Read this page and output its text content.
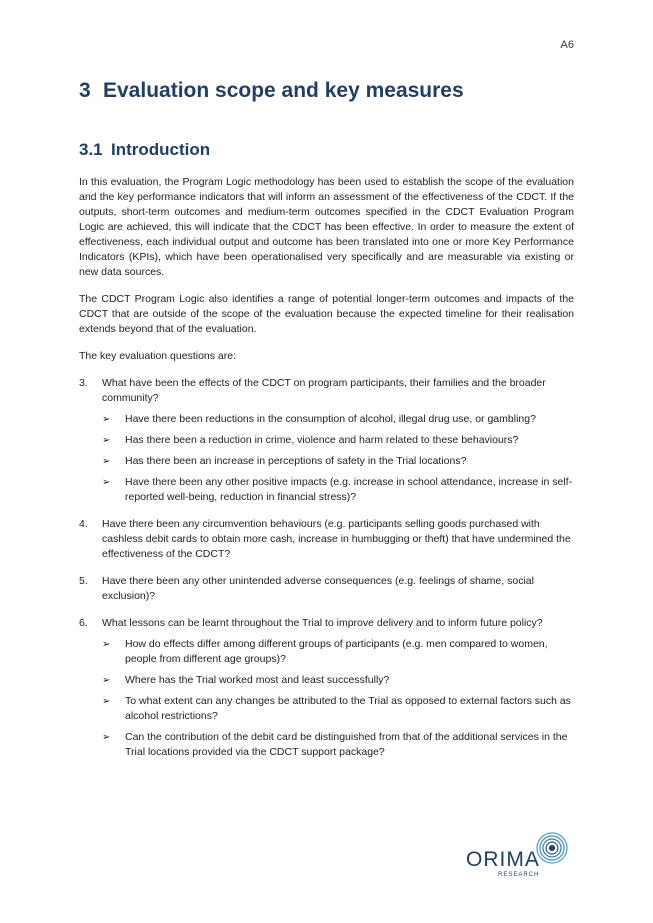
A6
3 Evaluation scope and key measures
3.1 Introduction

In this evaluation, the Program Logic methodology has been used to establish the scope of the evaluation and the key performance indicators that will inform an assessment of the effectiveness of the CDCT. If the outputs, short-term outcomes and medium-term outcomes specified in the CDCT Evaluation Program Logic are achieved, this will indicate that the CDCT has been effective. In order to measure the extent of effectiveness, each individual output and outcome has been translated into one or more Key Performance Indicators (KPIs), which have been operationalised very specifically and are measurable via existing or new data sources.

The CDCT Program Logic also identifies a range of potential longer-term outcomes and impacts of the CDCT that are outside of the scope of the evaluation because the expected timeline for their realisation extends beyond that of the evaluation.

The key evaluation questions are:

3.	What have been the effects of the CDCT on program participants, their families and the broader community?
➢	Have there been reductions in the consumption of alcohol, illegal drug use, or gambling?
➢	Has there been a reduction in crime, violence and harm related to these behaviours?
➢	Has there been an increase in perceptions of safety in the Trial locations?
➢	Have there been any other positive impacts (e.g. increase in school attendance, increase in self-reported well-being, reduction in financial stress)?
4.	Have there been any circumvention behaviours (e.g. participants selling goods purchased with cashless debit cards to obtain more cash, increase in humbugging or theft) that have undermined the effectiveness of the CDCT?
5.	Have there been any other unintended adverse consequences (e.g. feelings of shame, social exclusion)?
6.	What lessons can be learnt throughout the Trial to improve delivery and to inform future policy?
➢	How do effects differ among different groups of participants (e.g. men compared to women, people from different age groups)?
➢	Where has the Trial worked most and least successfully?
➢	To what extent can any changes be attributed to the Trial as opposed to external factors such as alcohol restrictions?
➢	Can the contribution of the debit card be distinguished from that of the additional services in the Trial locations provided via the CDCT support package?
ORIMA
RESEARCH
